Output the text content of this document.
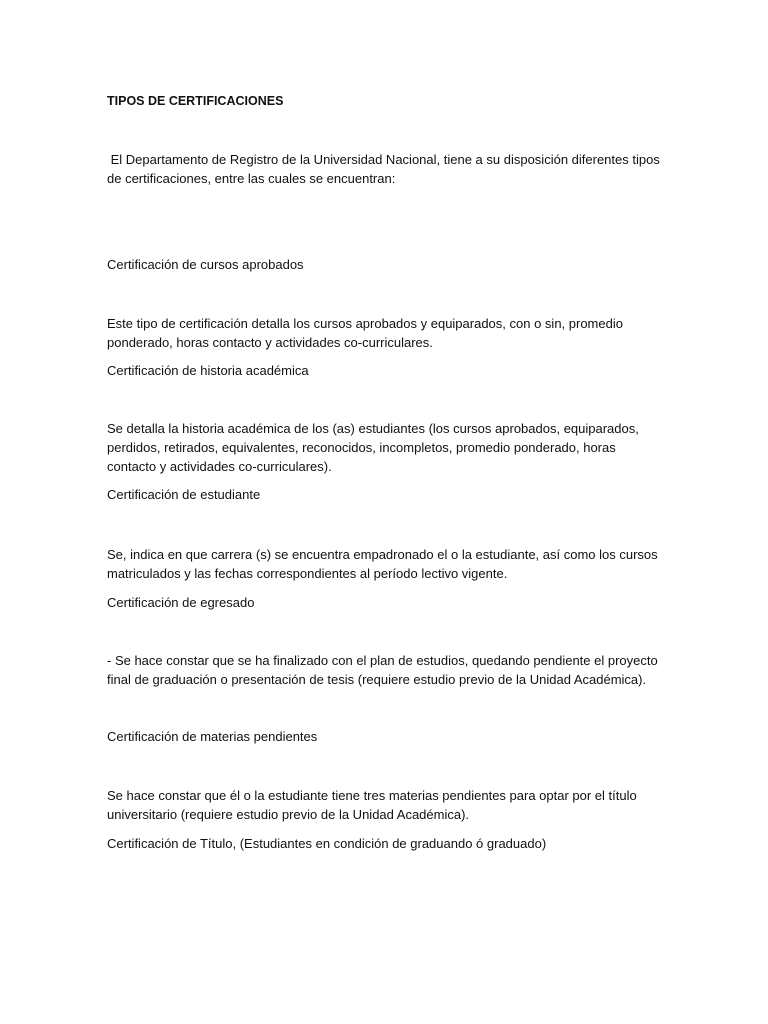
TIPOS DE CERTIFICACIONES

El Departamento de Registro de la Universidad Nacional, tiene a su disposición diferentes tipos de certificaciones, entre las cuales se encuentran:

Certificación de cursos aprobados

Este tipo de certificación detalla los cursos aprobados y equiparados, con o sin, promedio ponderado, horas contacto y actividades co-curriculares.

Certificación de historia académica

Se detalla la historia académica de los (as) estudiantes (los cursos aprobados, equiparados, perdidos, retirados, equivalentes, reconocidos, incompletos, promedio ponderado, horas contacto y actividades co-curriculares).

Certificación de estudiante

Se, indica en que carrera (s) se encuentra empadronado el o la estudiante, así como los cursos matriculados y las fechas correspondientes al período lectivo vigente.

Certificación de egresado

- Se hace constar que se ha finalizado con el plan de estudios, quedando pendiente el proyecto final de graduación o presentación de tesis (requiere estudio previo de la Unidad Académica).

Certificación de materias pendientes

Se hace constar que él o la estudiante tiene tres materias pendientes para optar por el título universitario (requiere estudio previo de la Unidad Académica).

Certificación de Título, (Estudiantes en condición de graduando ó graduado)
